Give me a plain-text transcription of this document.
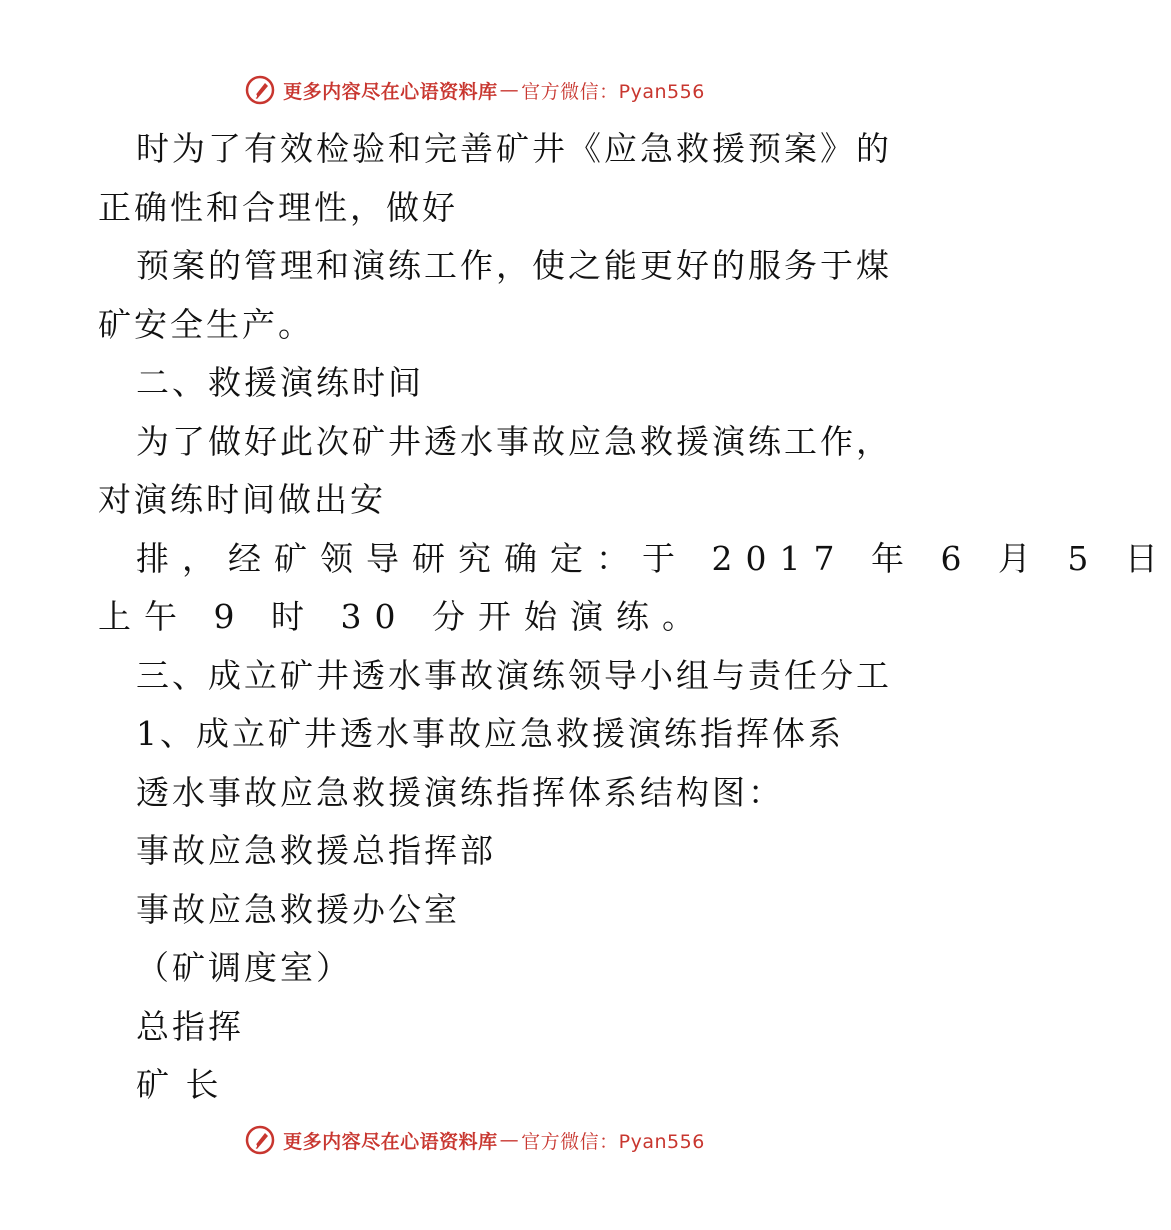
更多内容尽在心语资料库 — 官方微信：Pyan556
时为了有效检验和完善矿井《应急救援预案》的
正确性和合理性，做好
预案的管理和演练工作，使之能更好的服务于煤
矿安全生产。
二、救援演练时间
为了做好此次矿井透水事故应急救援演练工作，
对演练时间做出安
排，经矿领导研究确定：于 2017 年 6 月 5 日
上午 9 时 30 分开始演练。
三、成立矿井透水事故演练领导小组与责任分工
1、成立矿井透水事故应急救援演练指挥体系
透水事故应急救援演练指挥体系结构图：
事故应急救援总指挥部
事故应急救援办公室
（矿调度室）
总指挥
矿 长
更多内容尽在心语资料库 — 官方微信：Pyan556
